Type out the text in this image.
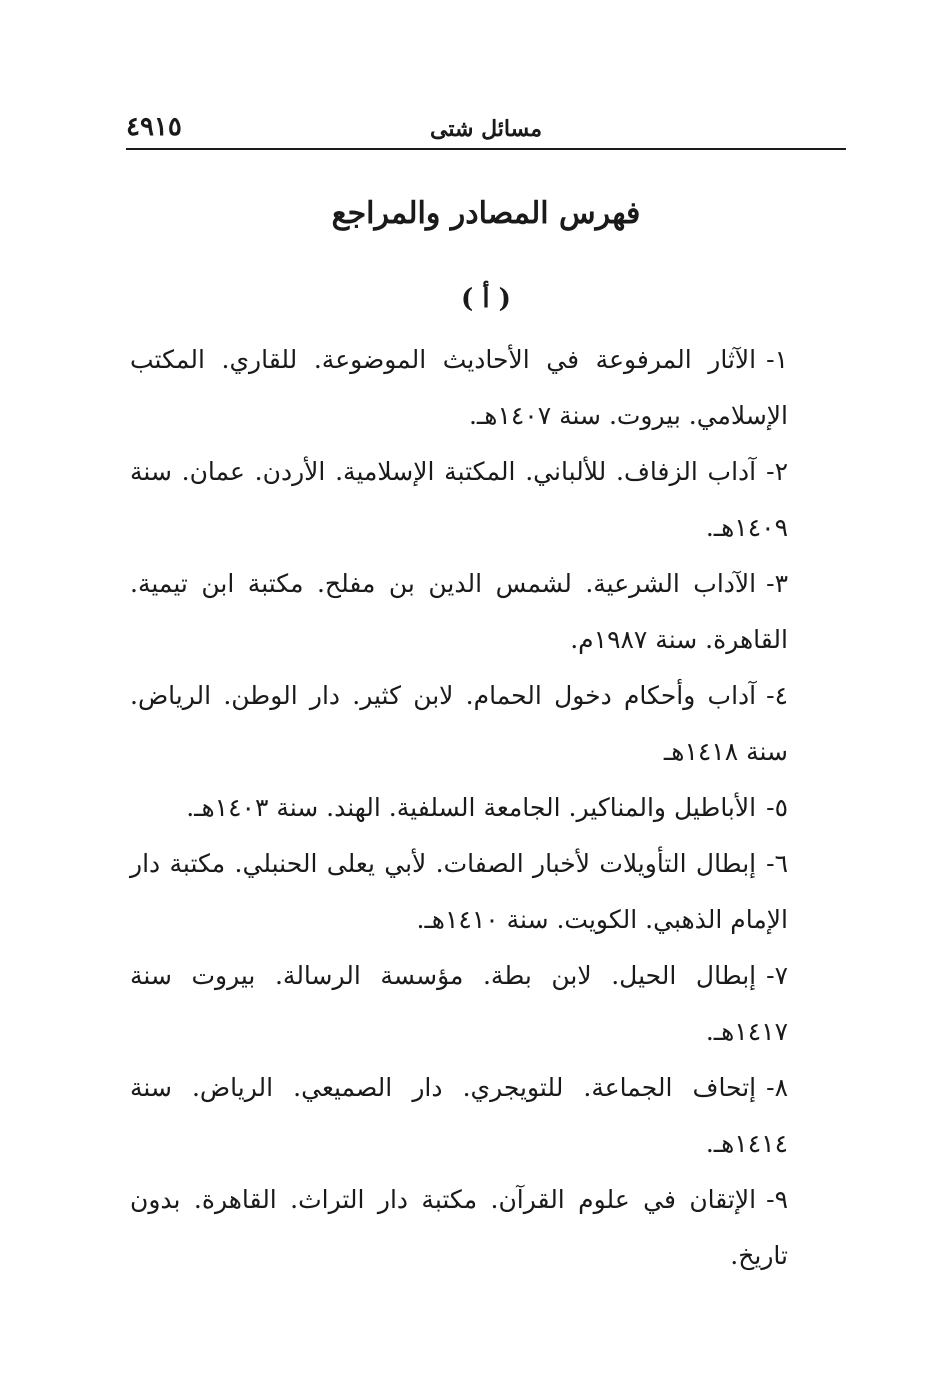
مسائل شتى
٤٩١٥
فهرس المصادر والمراجع
( أ )
١-الآثار المرفوعة في الأحاديث الموضوعة. للقاري. المكتب الإسلامي. بيروت. سنة ١٤٠٧هـ.
٢-آداب الزفاف. للألباني. المكتبة الإسلامية. الأردن. عمان. سنة ١٤٠٩هـ.
٣-الآداب الشرعية. لشمس الدين بن مفلح. مكتبة ابن تيمية. القاهرة. سنة ١٩٨٧م.
٤-آداب وأحكام دخول الحمام. لابن كثير. دار الوطن. الرياض. سنة ١٤١٨هـ
٥-الأباطيل والمناكير. الجامعة السلفية. الهند. سنة ١٤٠٣هـ.
٦-إبطال التأويلات لأخبار الصفات. لأبي يعلى الحنبلي. مكتبة دار الإمام الذهبي. الكويت. سنة ١٤١٠هـ.
٧-إبطال الحيل. لابن بطة. مؤسسة الرسالة. بيروت سنة ١٤١٧هـ.
٨-إتحاف الجماعة. للتويجري. دار الصميعي. الرياض. سنة ١٤١٤هـ.
٩-الإتقان في علوم القرآن. مكتبة دار التراث. القاهرة. بدون تاريخ.
